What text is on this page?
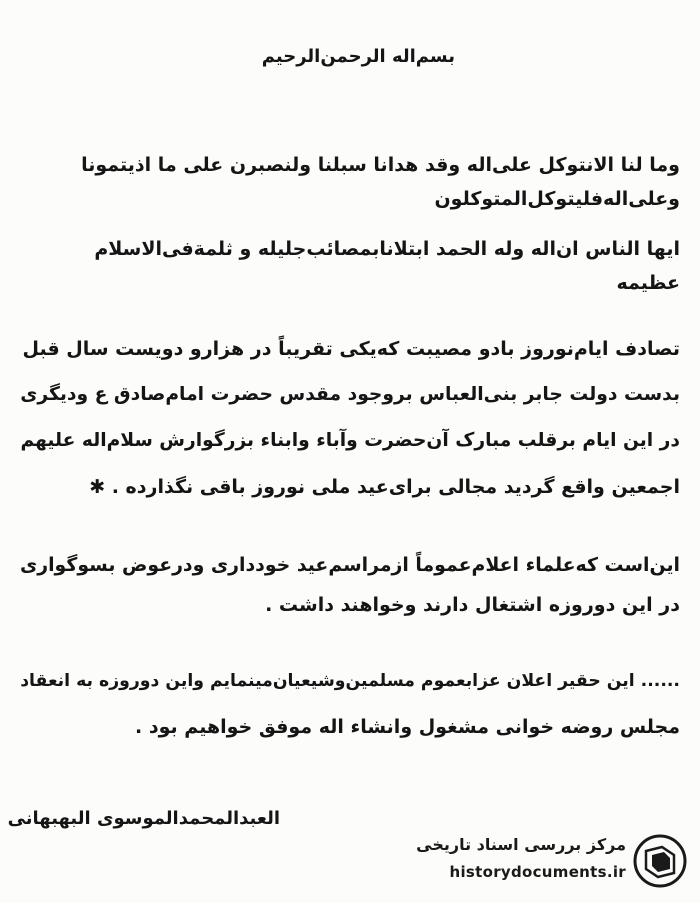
بسم‌اله الرحمن‌الرحيم
وما لنا الانتوکل علی‌اله وقد هدانا سبلنا ولنصبرن علی ما اذیتمونا
وعلی‌اله‌فلیتوکل‌المتوکلون
ایها الناس ان‌اله وله الحمد ابتلانا‌بمصائب‌جلیله و ثلمةفی‌الاسلام
عظیمه
تصادف ایام‌نوروز بادو مصیبت که‌یکی تقریباً در هزارو دویست سال قبل
بدست دولت جابر بنی‌العباس بروجود مقدس حضرت امام‌صادق ع ودیگری
در این ایام برقلب مبارک آن‌حضرت وآباء وابناء بزرگوارش سلام‌اله علیهم
اجمعین واقع گردید مجالی برای‌عید ملی نوروز باقی نگذارده . ✱
این‌است که‌علماء اعلام‌عموماً ازمراسم‌عید خودداری ودرعوض بسوگواری
در این دوروزه اشتغال دارند وخواهند داشت .
...... این حقیر اعلان عزابعموم مسلمین‌وشیعیان‌مینمایم واین دوروزه به انعقاد
مجلس روضه خوانی مشغول وانشاء اله موفق خواهیم بود .
العبدالمحمدالموسوی البهبهانی
مرکز بررسی اسناد تاریخی
historydocuments.ir
